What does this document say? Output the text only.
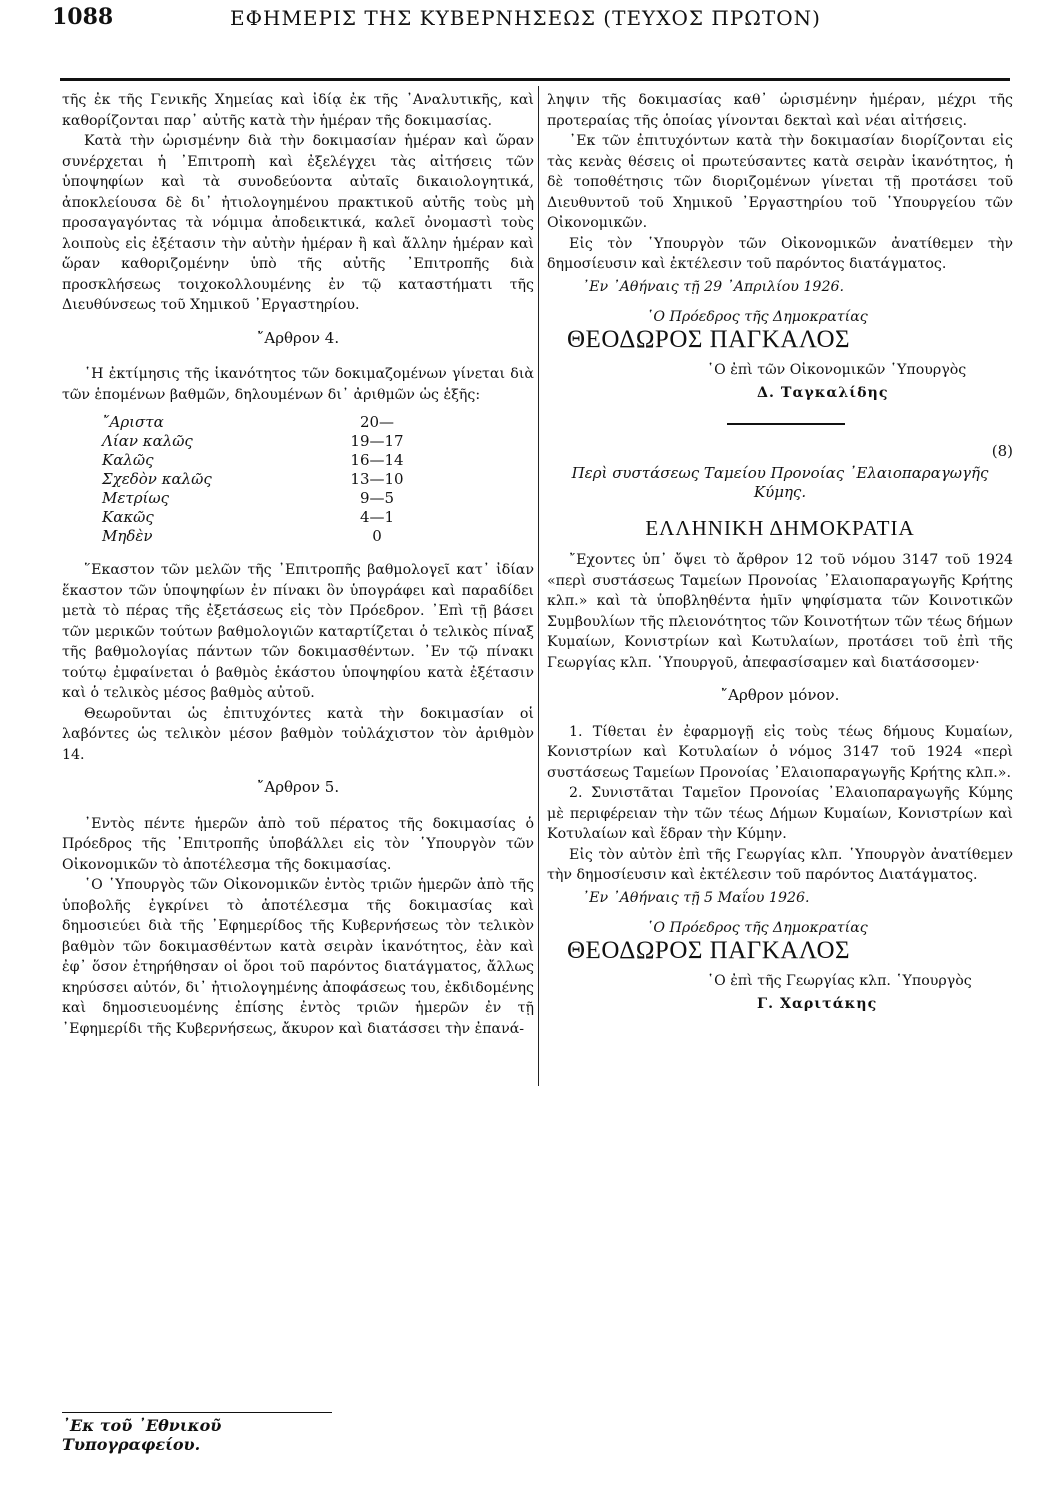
1088	ΕΦΗΜΕΡΙΣ ΤΗΣ ΚΥΒΕΡΝΗΣΕΩΣ (ΤΕΥΧΟΣ ΠΡΩΤΟΝ)

τῆς ἐκ τῆς Γενικῆς Χημείας καὶ ἰδίᾳ ἐκ τῆς ᾿Αναλυτικῆς, καὶ καθορίζονται παρ᾿ αὐτῆς κατὰ τὴν ἡμέραν τῆς δοκιμασίας.

Κατὰ τὴν ὡρισμένην διὰ τὴν δοκιμασίαν ἡμέραν καὶ ὥραν συνέρχεται ἡ ᾿Επιτροπὴ καὶ ἐξελέγχει τὰς αἰτήσεις τῶν ὑποψηφίων καὶ τὰ συνοδεύοντα αὐταῖς δικαιολογητικά, ἀποκλείουσα δὲ δι᾿ ἠτιολογημένου πρακτικοῦ αὐτῆς τοὺς μὴ προσαγαγόντας τὰ νόμιμα ἀποδεικτικά, καλεῖ ὀνομαστὶ τοὺς λοιποὺς εἰς ἐξέτασιν τὴν αὐτὴν ἡμέραν ἢ καὶ ἄλλην ἡμέραν καὶ ὥραν καθοριζομένην ὑπὸ τῆς αὐτῆς ᾿Επιτροπῆς διὰ προσκλήσεως τοιχοκολλουμένης ἐν τῷ καταστήματι τῆς Διευθύνσεως τοῦ Χημικοῦ ᾿Εργαστηρίου.

῎Αρθρον 4.

῾Η ἐκτίμησις τῆς ἱκανότητος τῶν δοκιμαζομένων γίνεται διὰ τῶν ἑπομένων βαθμῶν, δηλουμένων δι᾿ ἀριθμῶν ὡς ἑξῆς:

῎Αριστα	20—
Λίαν καλῶς	19—17
Καλῶς	16—14
Σχεδὸν καλῶς	13—10
Μετρίως	9—5
Κακῶς	4—1
Μηδὲν	0

῞Εκαστον τῶν μελῶν τῆς ᾿Επιτροπῆς βαθμολογεῖ κατ᾿ ἰδίαν ἕκαστον τῶν ὑποψηφίων ἐν πίνακι ὃν ὑπογράφει καὶ παραδίδει μετὰ τὸ πέρας τῆς ἐξετάσεως εἰς τὸν Πρόεδρον. ᾿Επὶ τῇ βάσει τῶν μερικῶν τούτων βαθμολογιῶν καταρτίζεται ὁ τελικὸς πίναξ τῆς βαθμολογίας πάντων τῶν δοκιμασθέντων. ᾿Εν τῷ πίνακι τούτῳ ἐμφαίνεται ὁ βαθμὸς ἑκάστου ὑποψηφίου κατὰ ἐξέτασιν καὶ ὁ τελικὸς μέσος βαθμὸς αὐτοῦ.

Θεωροῦνται ὡς ἐπιτυχόντες κατὰ τὴν δοκιμασίαν οἱ λαβόντες ὡς τελικὸν μέσον βαθμὸν τοὐλάχιστον τὸν ἀριθμὸν 14.

῎Αρθρον 5.

᾿Εντὸς πέντε ἡμερῶν ἀπὸ τοῦ πέρατος τῆς δοκιμασίας ὁ Πρόεδρος τῆς ᾿Επιτροπῆς ὑποβάλλει εἰς τὸν ῾Υπουργὸν τῶν Οἰκονομικῶν τὸ ἀποτέλεσμα τῆς δοκιμασίας.

῾Ο ῾Υπουργὸς τῶν Οἰκονομικῶν ἐντὸς τριῶν ἡμερῶν ἀπὸ τῆς ὑποβολῆς ἐγκρίνει τὸ ἀποτέλεσμα τῆς δοκιμασίας καὶ δημοσιεύει διὰ τῆς ᾿Εφημερίδος τῆς Κυβερνήσεως τὸν τελικὸν βαθμὸν τῶν δοκιμασθέντων κατὰ σειρὰν ἱκανότητος, ἐὰν καὶ ἐφ᾿ ὅσον ἐτηρήθησαν οἱ ὅροι τοῦ παρόντος διατάγματος, ἄλλως κηρύσσει αὐτόν, δι᾿ ἠτιολογημένης ἀποφάσεως του, ἐκδιδομένης καὶ δημοσιευομένης ἐπίσης ἐντὸς τριῶν ἡμερῶν ἐν τῇ ᾿Εφημερίδι τῆς Κυβερνήσεως, ἄκυρον καὶ διατάσσει τὴν ἐπανά-

ληψιν τῆς δοκιμασίας καθ᾿ ὡρισμένην ἡμέραν, μέχρι τῆς προτεραίας τῆς ὁποίας γίνονται δεκταὶ καὶ νέαι αἰτήσεις.

᾿Εκ τῶν ἐπιτυχόντων κατὰ τὴν δοκιμασίαν διορίζονται εἰς τὰς κενὰς θέσεις οἱ πρωτεύσαντες κατὰ σειρὰν ἱκανότητος, ἡ δὲ τοποθέτησις τῶν διοριζομένων γίνεται τῇ προτάσει τοῦ Διευθυντοῦ τοῦ Χημικοῦ ᾿Εργαστηρίου τοῦ ῾Υπουργείου τῶν Οἰκονομικῶν.

Εἰς τὸν ῾Υπουργὸν τῶν Οἰκονομικῶν ἀνατίθεμεν τὴν δημοσίευσιν καὶ ἐκτέλεσιν τοῦ παρόντος διατάγματος.

᾿Εν ᾿Αθήναις τῇ 29 ᾿Απριλίου 1926.

῾Ο Πρόεδρος τῆς Δημοκρατίας

ΘΕΟΔΩΡΟΣ ΠΑΓΚΑΛΟΣ

῾Ο ἐπὶ τῶν Οἰκονομικῶν ῾Υπουργὸς

Δ. Ταγκαλίδης

(8)

Περὶ συστάσεως Ταμείου Προνοίας ᾿Ελαιοπαραγωγῆς Κύμης.

ΕΛΛΗΝΙΚΗ ΔΗΜΟΚΡΑΤΙΑ

῎Εχοντες ὑπ᾿ ὄψει τὸ ἄρθρον 12 τοῦ νόμου 3147 τοῦ 1924 «περὶ συστάσεως Ταμείων Προνοίας ᾿Ελαιοπαραγωγῆς Κρήτης κλπ.» καὶ τὰ ὑποβληθέντα ἡμῖν ψηφίσματα τῶν Κοινοτικῶν Συμβουλίων τῆς πλειονότητος τῶν Κοινοτήτων τῶν τέως δήμων Κυμαίων, Κονιστρίων καὶ Κωτυλαίων, προτάσει τοῦ ἐπὶ τῆς Γεωργίας κλπ. ῾Υπουργοῦ, ἀπεφασίσαμεν καὶ διατάσσομεν·

῎Αρθρον μόνον.

1. Τίθεται ἐν ἐφαρμογῇ εἰς τοὺς τέως δήμους Κυμαίων, Κονιστρίων καὶ Κοτυλαίων ὁ νόμος 3147 τοῦ 1924 «περὶ συστάσεως Ταμείων Προνοίας ᾿Ελαιοπαραγωγῆς Κρήτης κλπ.».

2. Συνιστᾶται Ταμεῖον Προνοίας ᾿Ελαιοπαραγωγῆς Κύμης μὲ περιφέρειαν τὴν τῶν τέως Δήμων Κυμαίων, Κονιστρίων καὶ Κοτυλαίων καὶ ἕδραν τὴν Κύμην.

Εἰς τὸν αὐτὸν ἐπὶ τῆς Γεωργίας κλπ. ῾Υπουργὸν ἀνατίθεμεν τὴν δημοσίευσιν καὶ ἐκτέλεσιν τοῦ παρόντος Διατάγματος.

᾿Εν ᾿Αθήναις τῇ 5 Μαΐου 1926.

῾Ο Πρόεδρος τῆς Δημοκρατίας

ΘΕΟΔΩΡΟΣ ΠΑΓΚΑΛΟΣ

῾Ο ἐπὶ τῆς Γεωργίας κλπ. ῾Υπουργὸς

Γ. Χαριτάκης

᾿Εκ τοῦ ᾿Εθνικοῦ Τυπογραφείου.
